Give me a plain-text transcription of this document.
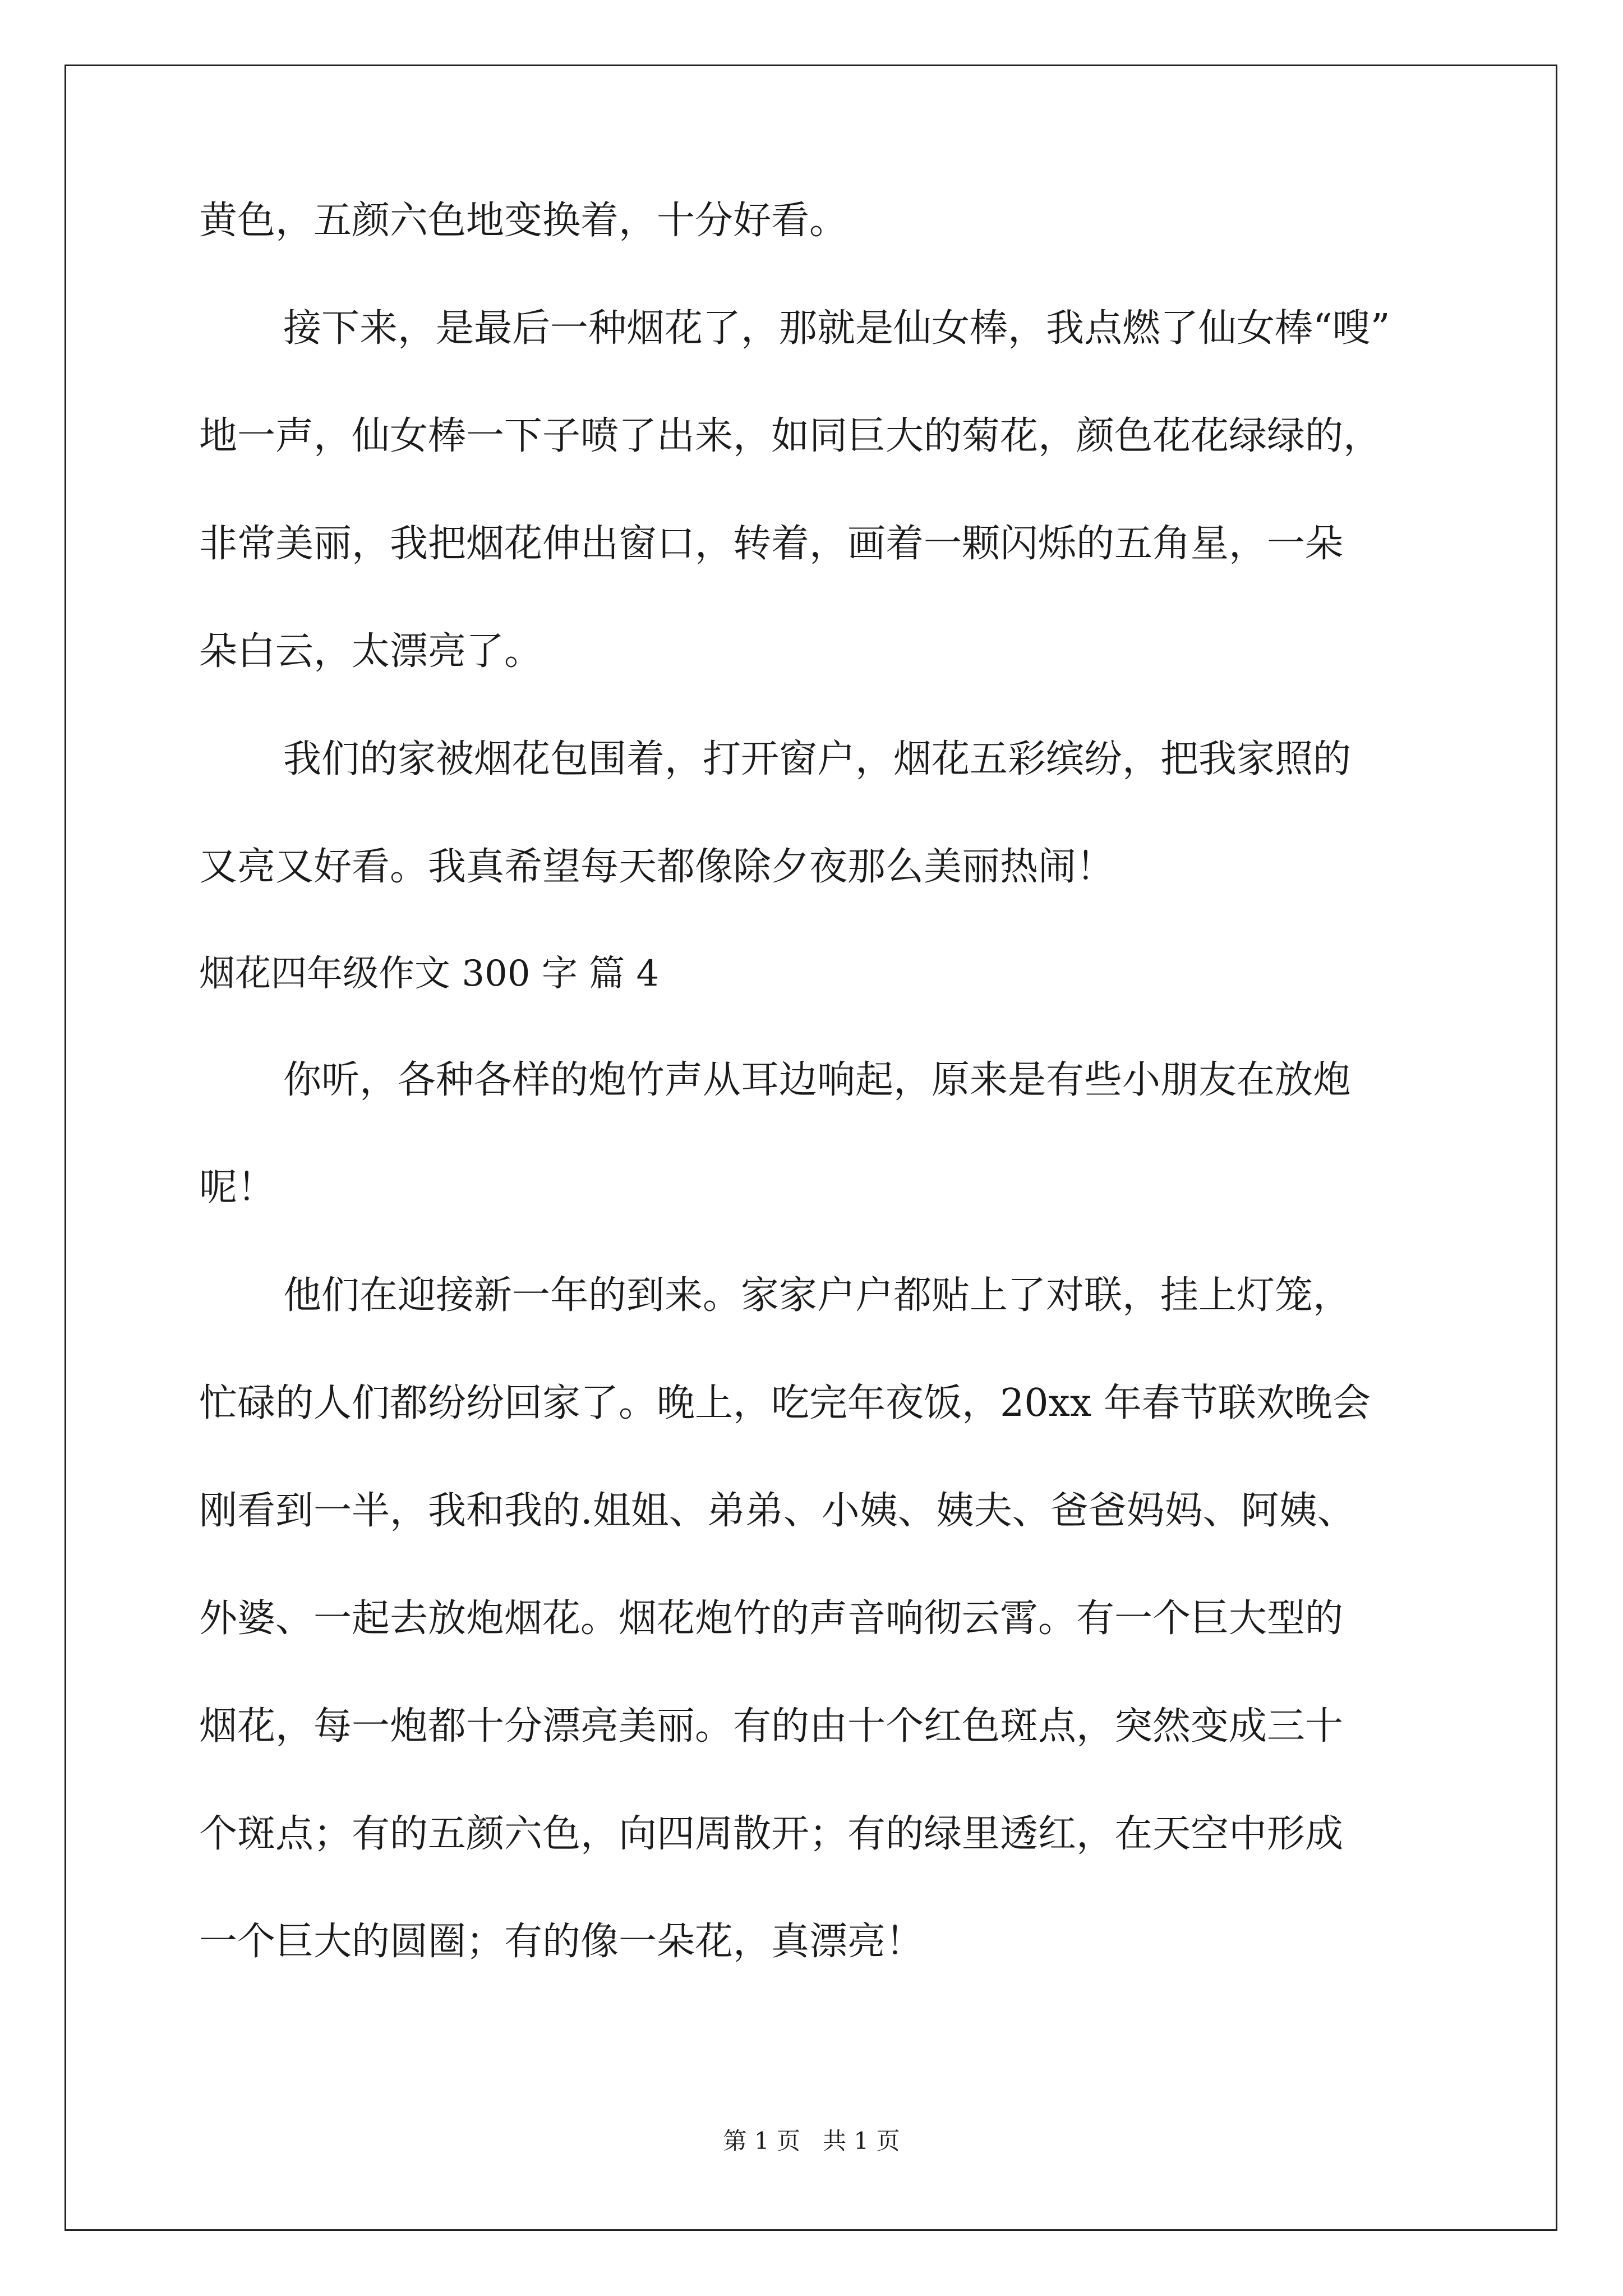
黄色，五颜六色地变换着，十分好看。
接下来，是最后一种烟花了，那就是仙女棒，我点燃了仙女棒“嗖”
地一声，仙女棒一下子喷了出来，如同巨大的菊花，颜色花花绿绿的，
非常美丽，我把烟花伸出窗口，转着，画着一颗闪烁的五角星，一朵
朵白云，太漂亮了。
我们的家被烟花包围着，打开窗户，烟花五彩缤纷，把我家照的
又亮又好看。我真希望每天都像除夕夜那么美丽热闹！
烟花四年级作文 300 字 篇 4
你听，各种各样的炮竹声从耳边响起，原来是有些小朋友在放炮
呢！
他们在迎接新一年的到来。家家户户都贴上了对联，挂上灯笼，
忙碌的人们都纷纷回家了。晚上，吃完年夜饭，20xx 年春节联欢晚会
刚看到一半，我和我的.姐姐、弟弟、小姨、姨夫、爸爸妈妈、阿姨、
外婆、一起去放炮烟花。烟花炮竹的声音响彻云霄。有一个巨大型的
烟花，每一炮都十分漂亮美丽。有的由十个红色斑点，突然变成三十
个斑点；有的五颜六色，向四周散开；有的绿里透红，在天空中形成
一个巨大的圆圈；有的像一朵花，真漂亮！
第 1 页   共 1 页
